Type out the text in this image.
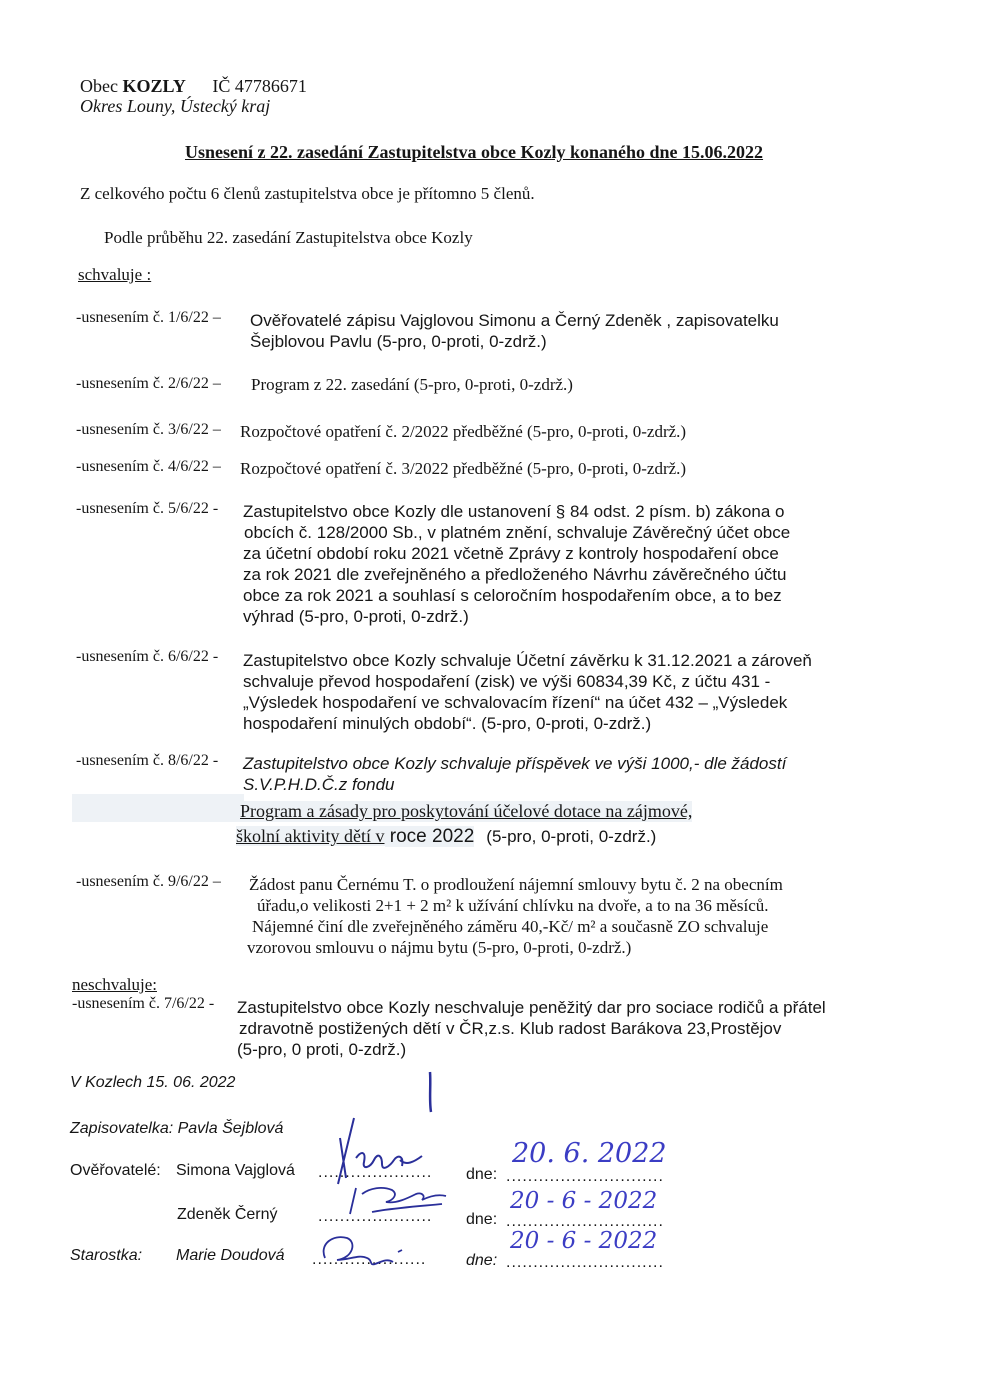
Obec KOZLY IČ 47786671
Okres Louny, Ústecký kraj
Usnesení z 22. zasedání Zastupitelstva obce Kozly konaného dne 15.06.2022
Z celkového počtu 6 členů zastupitelstva obce je přítomno 5 členů.
Podle průběhu 22. zasedání Zastupitelstva obce Kozly
schvaluje :
-usnesením č. 1/6/22 – Ověřovatelé zápisu Vajglovou Simonu a Černý Zdeněk , zapisovatelku
Šejblovou Pavlu (5-pro, 0-proti, 0-zdrž.)
-usnesením č. 2/6/22 – Program z 22. zasedání (5-pro, 0-proti, 0-zdrž.)
-usnesením č. 3/6/22 – Rozpočtové opatření č. 2/2022 předběžné (5-pro, 0-proti, 0-zdrž.)
-usnesením č. 4/6/22 – Rozpočtové opatření č. 3/2022 předběžné (5-pro, 0-proti, 0-zdrž.)
-usnesením č. 5/6/22 - Zastupitelstvo obce Kozly dle ustanovení § 84 odst. 2 písm. b) zákona o
obcích č. 128/2000 Sb., v platném znění, schvaluje Závěrečný účet obce
za účetní období roku 2021 včetně Zprávy z kontroly hospodaření obce
za rok 2021 dle zveřejněného a předloženého Návrhu závěrečného účtu
obce za rok 2021 a souhlasí s celoročním hospodařením obce, a to bez
výhrad (5-pro, 0-proti, 0-zdrž.)
-usnesením č. 6/6/22 - Zastupitelstvo obce Kozly schvaluje Účetní závěrku k 31.12.2021 a zároveň
schvaluje převod hospodaření (zisk) ve výši 60834,39 Kč, z účtu 431 -
„Výsledek hospodaření ve schvalovacím řízení“ na účet 432 – „Výsledek
hospodaření minulých období“. (5-pro, 0-proti, 0-zdrž.)
-usnesením č. 8/6/22 - Zastupitelstvo obce Kozly schvaluje příspěvek ve výši 1000,- dle žádostí
S.V.P.H.D.Č.z fondu
Program a zásady pro poskytování účelové dotace na zájmové,
školní aktivity dětí v roce 2022 (5-pro, 0-proti, 0-zdrž.)
-usnesením č. 9/6/22 – Žádost panu Černému T. o prodloužení nájemní smlouvy bytu č. 2 na obecním
úřadu,o velikosti 2+1 + 2 m² k užívání chlívku na dvoře, a to na 36 měsíců.
Nájemné činí dle zveřejněného záměru 40,-Kč/ m² a současně ZO schvaluje
vzorovou smlouvu o nájmu bytu (5-pro, 0-proti, 0-zdrž.)
neschvaluje:
-usnesením č. 7/6/22 - Zastupitelstvo obce Kozly neschvaluje peněžitý dar pro sociace rodičů a přátel
zdravotně postižených dětí v ČR,z.s. Klub radost Barákova 23,Prostějov
(5-pro, 0 proti, 0-zdrž.)
V Kozlech 15. 06. 2022
Zapisovatelka: Pavla Šejblová
Ověřovatelé: Simona Vajglová ..................... dne: .............................
20. 6. 2022
Zdeněk Černý	..................... dne: .............................
20 - 6 - 2022
Starostka: Marie Doudová ..................... dne: .............................
20 - 6 - 2022
